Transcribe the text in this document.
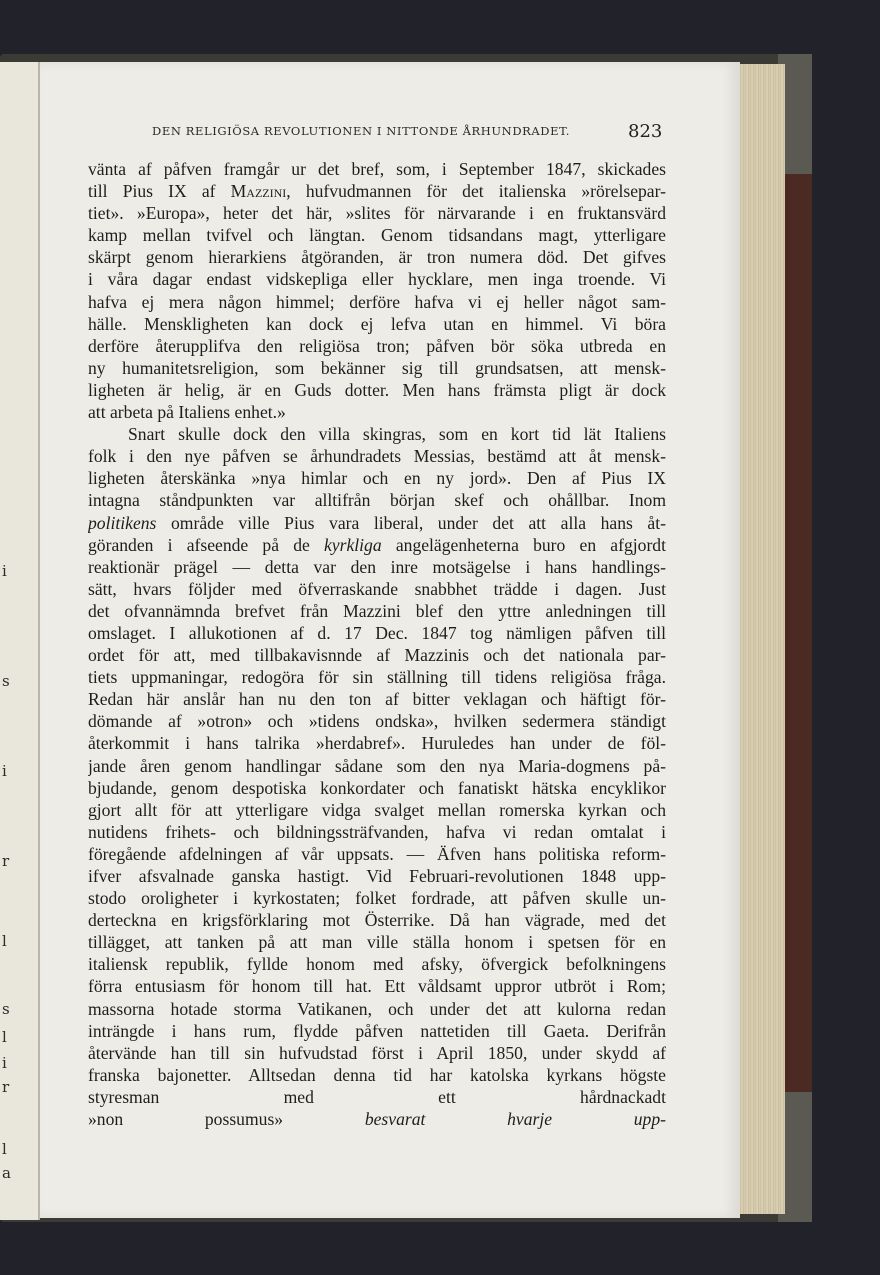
i
s
i
r
l
s
l
i
r
l
a
DEN RELIGIÖSA REVOLUTIONEN I NITTONDE ÅRHUNDRADET.	823
vänta af påfven framgår ur det bref, som, i September 1847, skickades
till Pius IX af Mazzini, hufvudmannen för det italienska »rörelsepar-
tiet». »Europa», heter det här, »slites för närvarande i en fruktansvärd
kamp mellan tvifvel och längtan. Genom tidsandans magt, ytterligare
skärpt genom hierarkiens åtgöranden, är tron numera död. Det gifves
i våra dagar endast vidskepliga eller hycklare, men inga troende. Vi
hafva ej mera någon himmel; derföre hafva vi ej heller något sam-
hälle. Menskligheten kan dock ej lefva utan en himmel. Vi böra
derföre återupplifva den religiösa tron; påfven bör söka utbreda en
ny humanitetsreligion, som bekänner sig till grundsatsen, att mensk-
ligheten är helig, är en Guds dotter. Men hans främsta pligt är dock
att arbeta på Italiens enhet.»
Snart skulle dock den villa skingras, som en kort tid lät Italiens
folk i den nye påfven se århundradets Messias, bestämd att åt mensk-
ligheten återskänka »nya himlar och en ny jord». Den af Pius IX
intagna ståndpunkten var alltifrån början skef och ohållbar. Inom
politikens område ville Pius vara liberal, under det att alla hans åt-
göranden i afseende på de kyrkliga angelägenheterna buro en afgjordt
reaktionär prägel — detta var den inre motsägelse i hans handlings-
sätt, hvars följder med öfverraskande snabbhet trädde i dagen. Just
det ofvannämnda brefvet från Mazzini blef den yttre anledningen till
omslaget. I allukotionen af d. 17 Dec. 1847 tog nämligen påfven till
ordet för att, med tillbakavisnnde af Mazzinis och det nationala par-
tiets uppmaningar, redogöra för sin ställning till tidens religiösa fråga.
Redan här anslår han nu den ton af bitter veklagan och häftigt för-
dömande af »otron» och »tidens ondska», hvilken sedermera ständigt
återkommit i hans talrika »herdabref». Huruledes han under de föl-
jande åren genom handlingar sådane som den nya Maria-dogmens på-
bjudande, genom despotiska konkordater och fanatiskt hätska encyklikor
gjort allt för att ytterligare vidga svalget mellan romerska kyrkan och
nutidens frihets- och bildningssträfvanden, hafva vi redan omtalat i
föregående afdelningen af vår uppsats. — Äfven hans politiska reform-
ifver afsvalnade ganska hastigt. Vid Februari-revolutionen 1848 upp-
stodo oroligheter i kyrkostaten; folket fordrade, att påfven skulle un-
derteckna en krigsförklaring mot Österrike. Då han vägrade, med det
tillägget, att tanken på att man ville ställa honom i spetsen för en
italiensk republik, fyllde honom med afsky, öfvergick befolkningens
förra entusiasm för honom till hat. Ett våldsamt uppror utbröt i Rom;
massorna hotade storma Vatikanen, och under det att kulorna redan
inträngde i hans rum, flydde påfven nattetiden till Gaeta. Derifrån
återvände han till sin hufvudstad först i April 1850, under skydd af
franska bajonetter. Alltsedan denna tid har katolska kyrkans högste
styresman med ett hårdnackadt
»non possumus»	besvarat hvarje upp-
